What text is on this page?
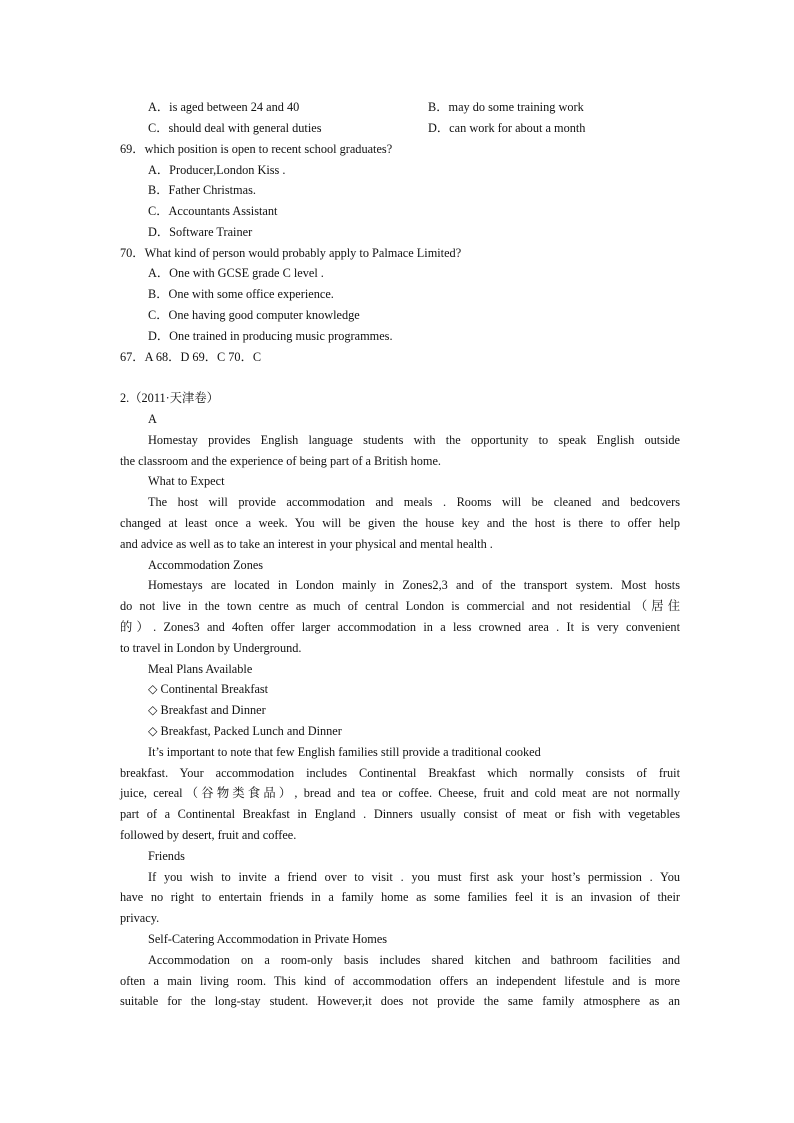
A．is aged between 24 and 40	B．may do some training work
C．should deal with general duties	D．can work for about a month
69．which position is open to recent school graduates?
A．Producer,London Kiss .
B．Father Christmas.
C．Accountants Assistant
D．Software Trainer
70．What kind of person would probably apply to Palmace Limited?
A．One with GCSE grade C level .
B．One with some office experience.
C．One having good computer knowledge
D．One trained in producing music programmes.
67．A 68．D 69．C 70．C
2.（2011·天津卷）
A
Homestay provides English language students with the opportunity to speak English outside
the classroom and the experience of being part of a British home.
What to Expect
The host will provide accommodation and meals . Rooms will be cleaned and bedcovers
changed at least once a week. You will be given the house key and the host is there to offer help
and advice as well as to take an interest in your physical and mental health .
Accommodation Zones
Homestays are located in London mainly in Zones2,3 and of the transport system. Most hosts
do not live in the town centre as much of central London is commercial and not residential（居住
的）. Zones3 and 4often offer larger accommodation in a less crowned area . It is very convenient
to travel in London by Underground.
Meal Plans Available
◇ Continental Breakfast
◇ Breakfast and Dinner
◇ Breakfast, Packed Lunch and Dinner
It’s important to note that few English families still provide a traditional cooked
breakfast. Your accommodation includes Continental Breakfast which normally consists of fruit
juice, cereal（谷物类食品）, bread and tea or coffee. Cheese, fruit and cold meat are not normally
part of a Continental Breakfast in England . Dinners usually consist of meat or fish with vegetables
followed by desert, fruit and coffee.
Friends
If you wish to invite a friend over to visit . you must first ask your host’s permission . You
have no right to entertain friends in a family home as some families feel it is an invasion of their
privacy.
Self-Catering Accommodation in Private Homes
Accommodation on a room-only basis includes shared kitchen and bathroom facilities and
often a main living room. This kind of accommodation offers an independent lifestule and is more
suitable for the long-stay student. However,it does not provide the same family atmosphere as an
